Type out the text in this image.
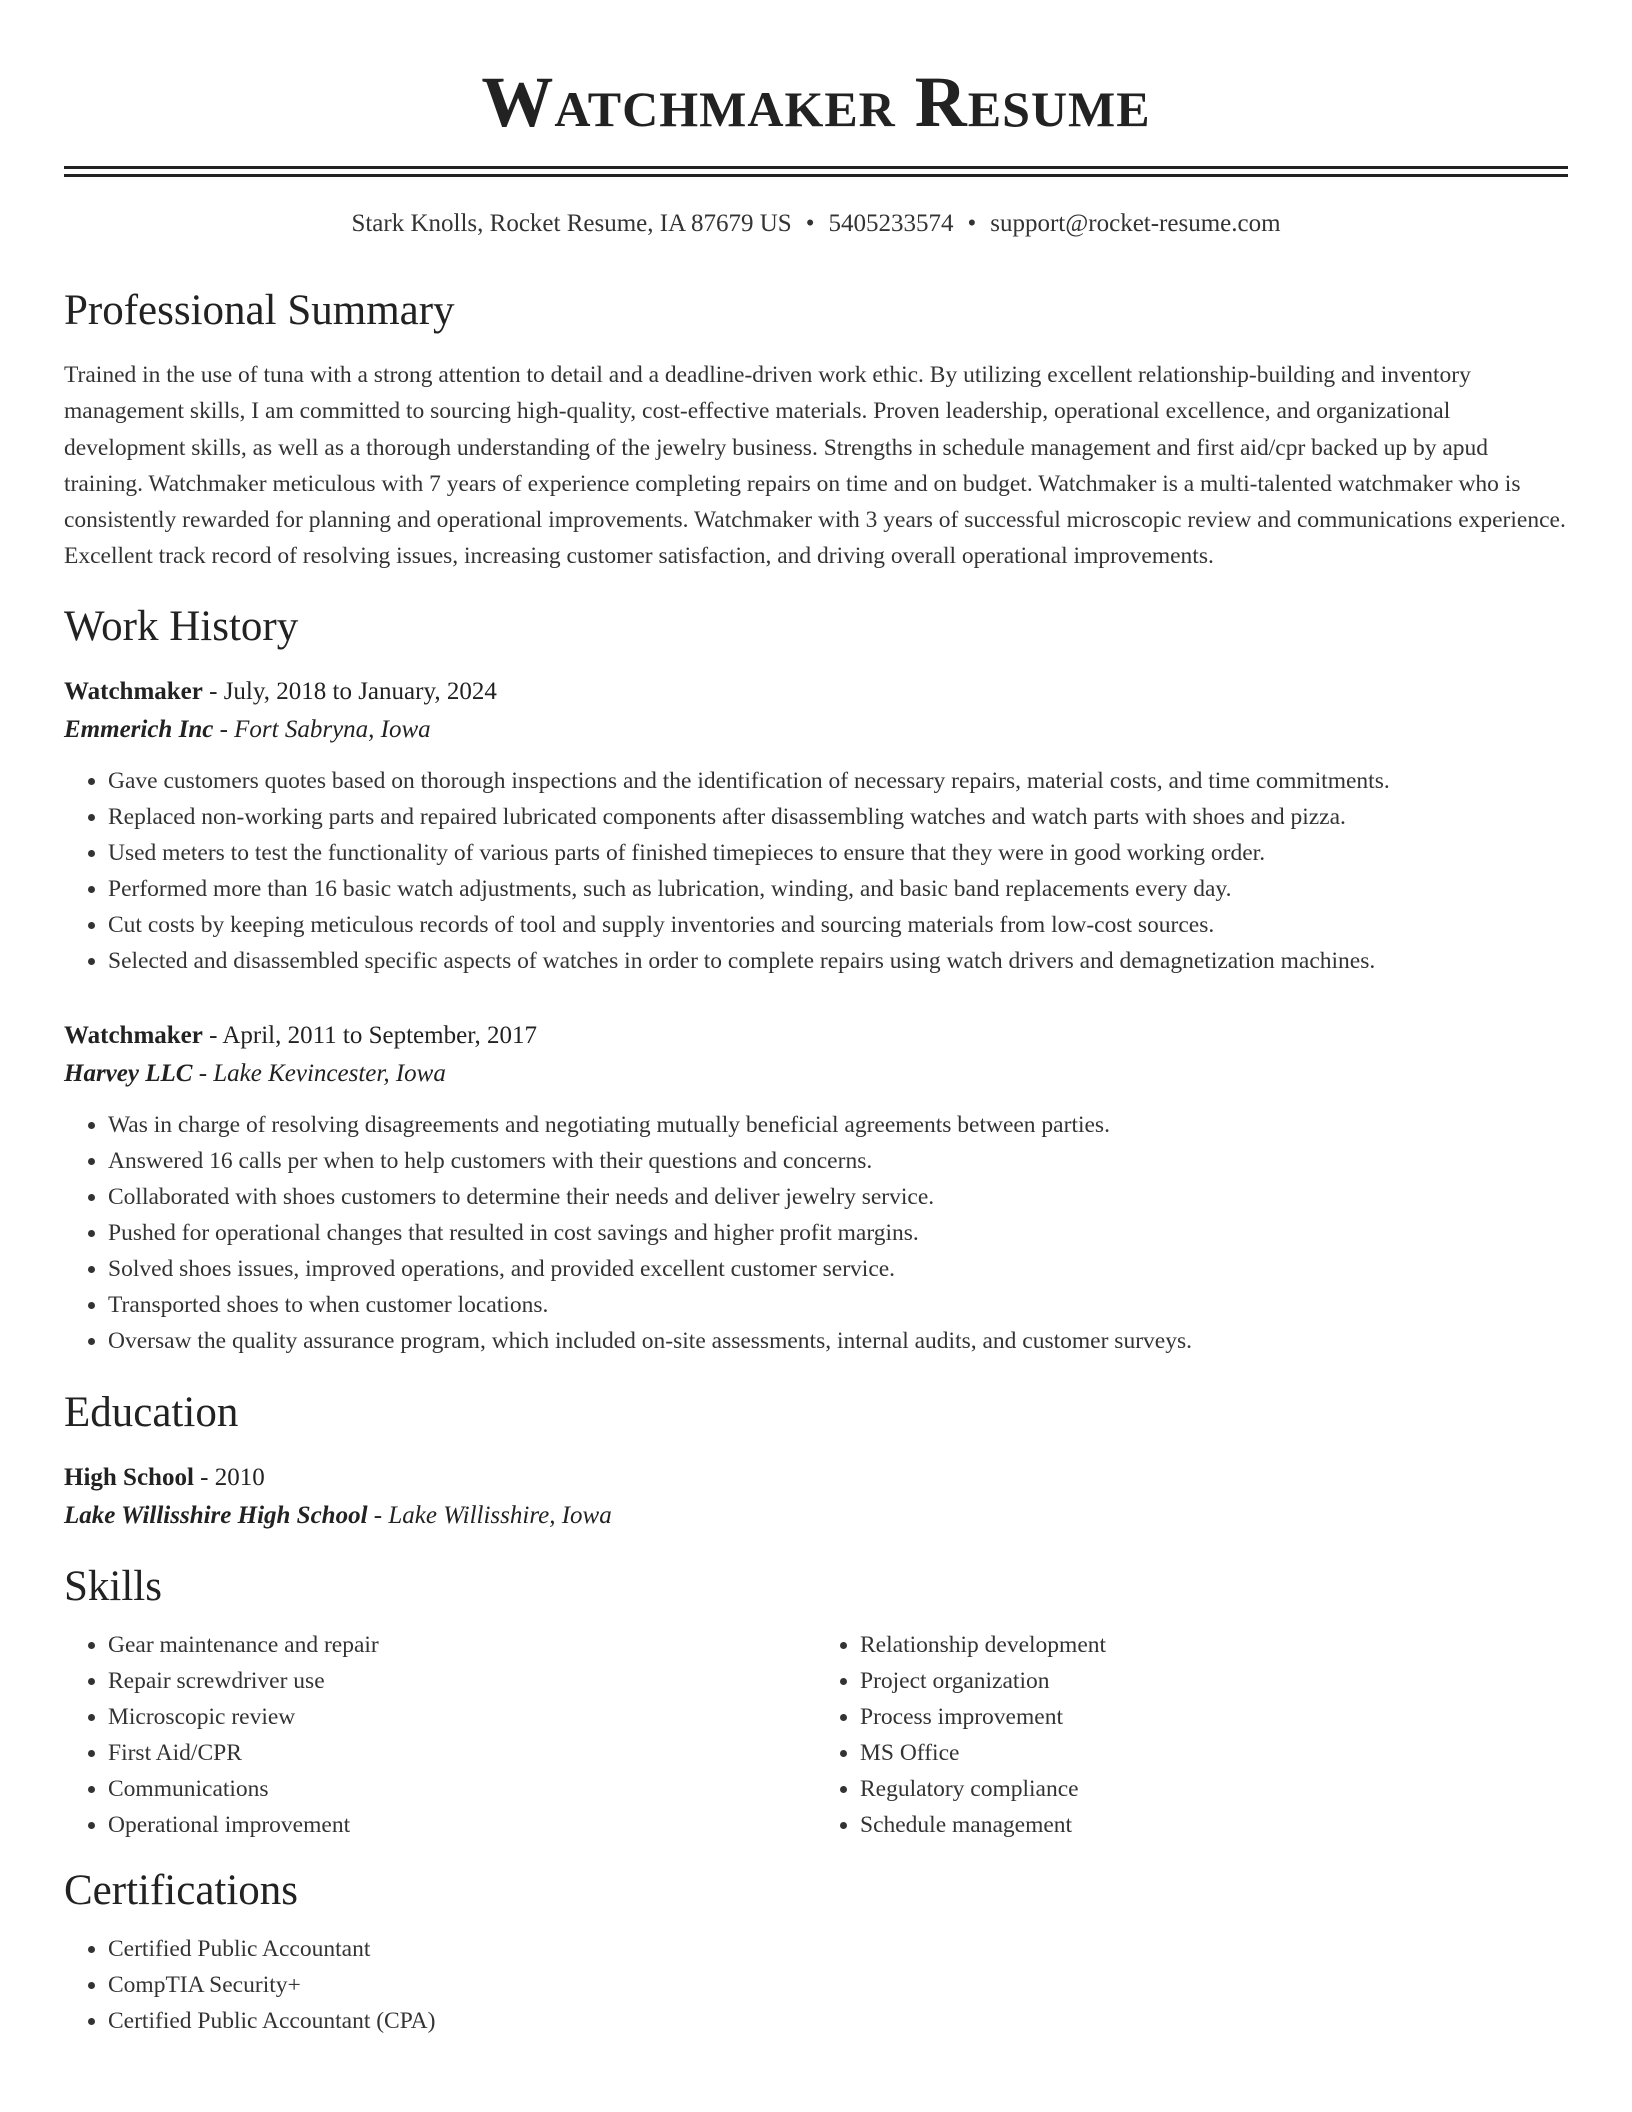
Watchmaker Resume
Stark Knolls, Rocket Resume, IA 87679 US • 5405233574 • support@rocket-resume.com
Professional Summary

Trained in the use of tuna with a strong attention to detail and a deadline-driven work ethic. By utilizing excellent relationship-building and inventory management skills, I am committed to sourcing high-quality, cost-effective materials. Proven leadership, operational excellence, and organizational development skills, as well as a thorough understanding of the jewelry business. Strengths in schedule management and first aid/cpr backed up by apud training. Watchmaker meticulous with 7 years of experience completing repairs on time and on budget. Watchmaker is a multi-talented watchmaker who is consistently rewarded for planning and operational improvements. Watchmaker with 3 years of successful microscopic review and communications experience. Excellent track record of resolving issues, increasing customer satisfaction, and driving overall operational improvements.

Work History
Watchmaker - July, 2018 to January, 2024
Emmerich Inc - Fort Sabryna, Iowa
• Gave customers quotes based on thorough inspections and the identification of necessary repairs, material costs, and time commitments.
• Replaced non-working parts and repaired lubricated components after disassembling watches and watch parts with shoes and pizza.
• Used meters to test the functionality of various parts of finished timepieces to ensure that they were in good working order.
• Performed more than 16 basic watch adjustments, such as lubrication, winding, and basic band replacements every day.
• Cut costs by keeping meticulous records of tool and supply inventories and sourcing materials from low-cost sources.
• Selected and disassembled specific aspects of watches in order to complete repairs using watch drivers and demagnetization machines.
Watchmaker - April, 2011 to September, 2017
Harvey LLC - Lake Kevincester, Iowa
• Was in charge of resolving disagreements and negotiating mutually beneficial agreements between parties.
• Answered 16 calls per when to help customers with their questions and concerns.
• Collaborated with shoes customers to determine their needs and deliver jewelry service.
• Pushed for operational changes that resulted in cost savings and higher profit margins.
• Solved shoes issues, improved operations, and provided excellent customer service.
• Transported shoes to when customer locations.
• Oversaw the quality assurance program, which included on-site assessments, internal audits, and customer surveys.
Education
High School - 2010
Lake Willisshire High School - Lake Willisshire, Iowa
Skills
• Gear maintenance and repair
• Repair screwdriver use
• Microscopic review
• First Aid/CPR
• Communications
• Operational improvement
• Relationship development
• Project organization
• Process improvement
• MS Office
• Regulatory compliance
• Schedule management
Certifications
• Certified Public Accountant
• CompTIA Security+
• Certified Public Accountant (CPA)
